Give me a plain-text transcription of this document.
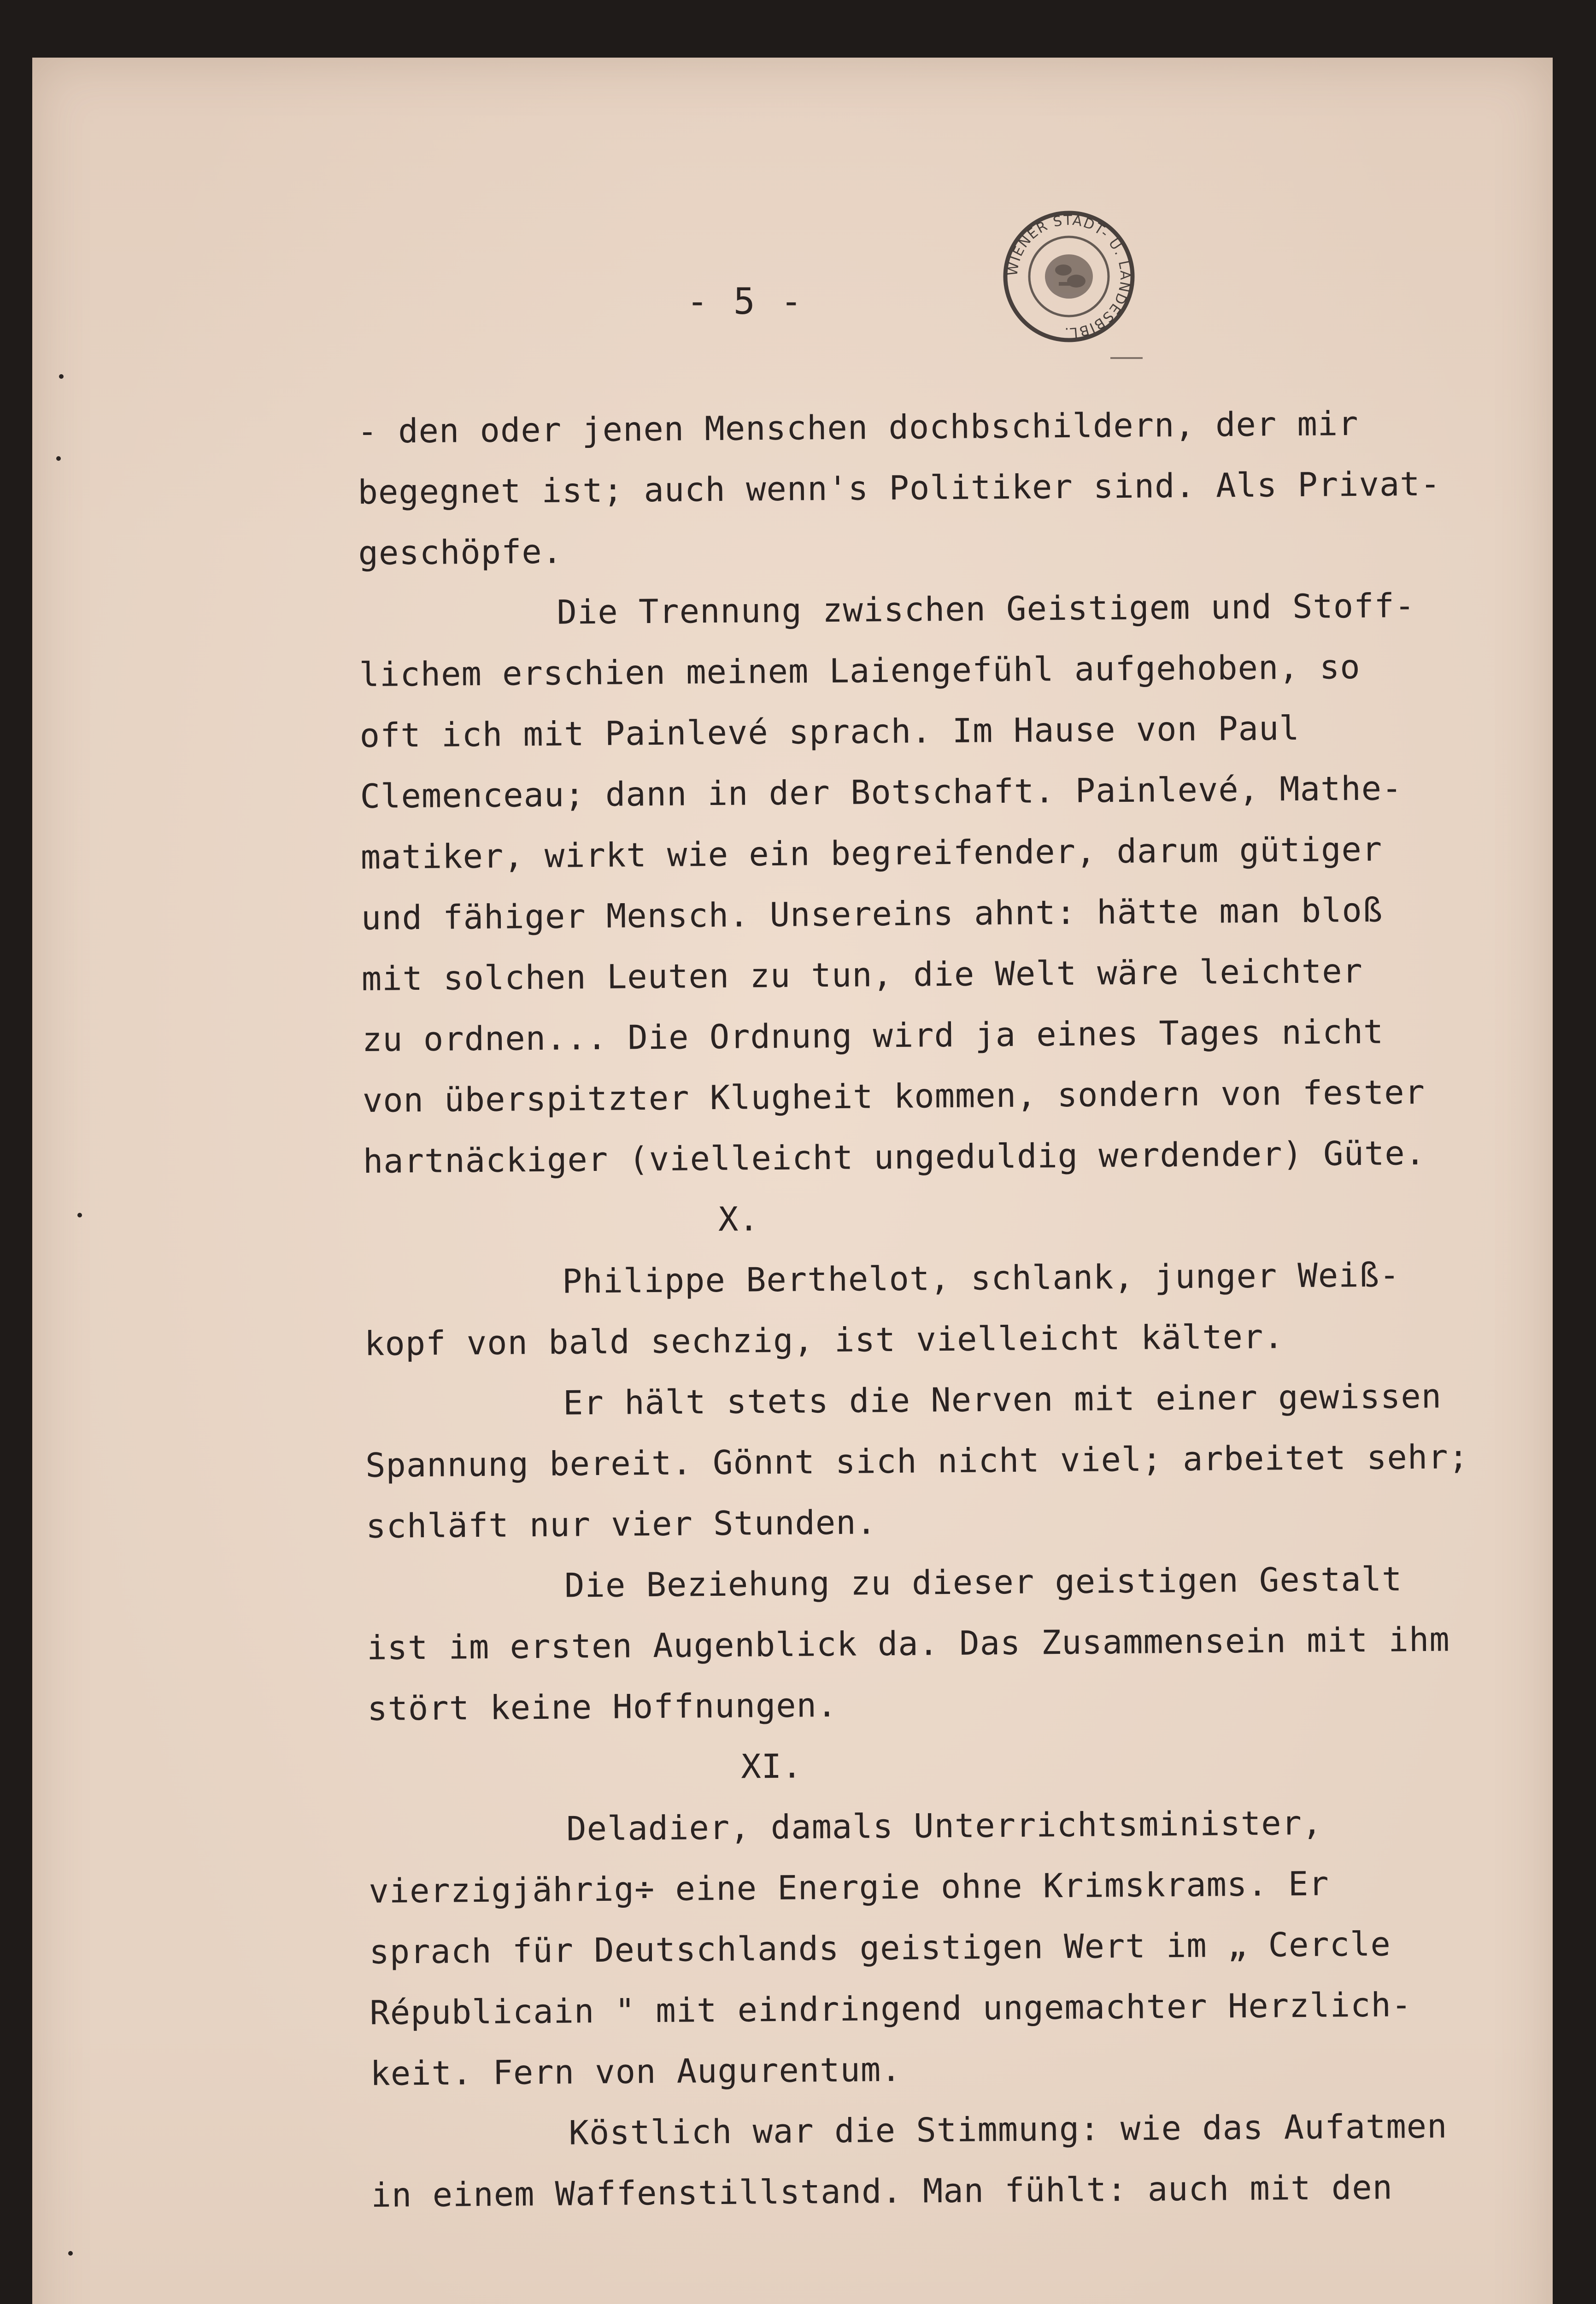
- 5 -
WIENER STADT- U. LANDESBIBL.
- den oder jenen Menschen dochbschildern, der mir
begegnet ist; auch wenn's Politiker sind. Als Privat-
geschöpfe.
Die Trennung zwischen Geistigem und Stoff-
lichem erschien meinem Laiengefühl aufgehoben, so
oft ich mit Painlevé sprach. Im Hause von Paul
Clemenceau; dann in der Botschaft. Painlevé, Mathe-
matiker, wirkt wie ein begreifender, darum gütiger
und fähiger Mensch. Unsereins ahnt: hätte man bloß
mit solchen Leuten zu tun, die Welt wäre leichter
zu ordnen... Die Ordnung wird ja eines Tages nicht
von überspitzter Klugheit kommen, sondern von fester
hartnäckiger (vielleicht ungeduldig werdender) Güte.
X.
Philippe Berthelot, schlank, junger Weiß-
kopf von bald sechzig, ist vielleicht kälter.
Er hält stets die Nerven mit einer gewissen
Spannung bereit. Gönnt sich nicht viel; arbeitet sehr;
schläft nur vier Stunden.
Die Beziehung zu dieser geistigen Gestalt
ist im ersten Augenblick da. Das Zusammensein mit ihm
stört keine Hoffnungen.
XI.
Deladier, damals Unterrichtsminister,
vierzigjährig÷ eine Energie ohne Krimskrams. Er
sprach für Deutschlands geistigen Wert im „ Cercle
Républicain " mit eindringend ungemachter Herzlich-
keit. Fern von Augurentum.
Köstlich war die Stimmung: wie das Aufatmen
in einem Waffenstillstand. Man fühlt: auch mit den
